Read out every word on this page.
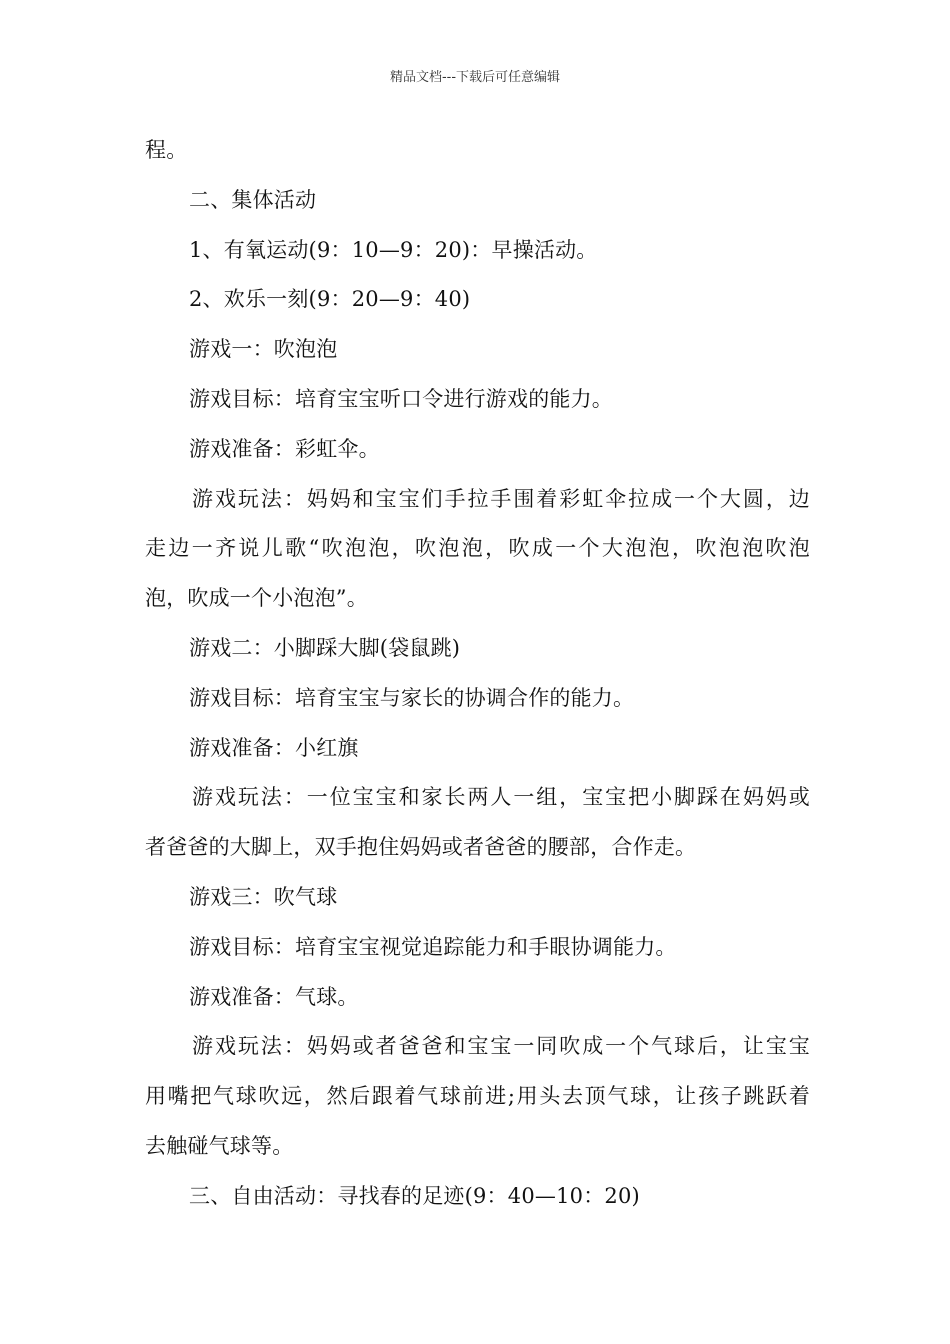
精品文档---下载后可任意编辑
程。
二、集体活动
1、有氧运动(9：10—9：20)：早操活动。
2、欢乐一刻(9：20—9：40)
游戏一：吹泡泡
游戏目标：培育宝宝听口令进行游戏的能力。
游戏准备：彩虹伞。
游戏玩法：妈妈和宝宝们手拉手围着彩虹伞拉成一个大圆，边
走边一齐说儿歌“吹泡泡，吹泡泡，吹成一个大泡泡，吹泡泡吹泡
泡，吹成一个小泡泡”。
游戏二：小脚踩大脚(袋鼠跳)
游戏目标：培育宝宝与家长的协调合作的能力。
游戏准备：小红旗
游戏玩法：一位宝宝和家长两人一组，宝宝把小脚踩在妈妈或
者爸爸的大脚上，双手抱住妈妈或者爸爸的腰部，合作走。
游戏三：吹气球
游戏目标：培育宝宝视觉追踪能力和手眼协调能力。
游戏准备：气球。
游戏玩法：妈妈或者爸爸和宝宝一同吹成一个气球后，让宝宝
用嘴把气球吹远，然后跟着气球前进;用头去顶气球，让孩子跳跃着
去触碰气球等。
三、自由活动：寻找春的足迹(9：40—10：20)
